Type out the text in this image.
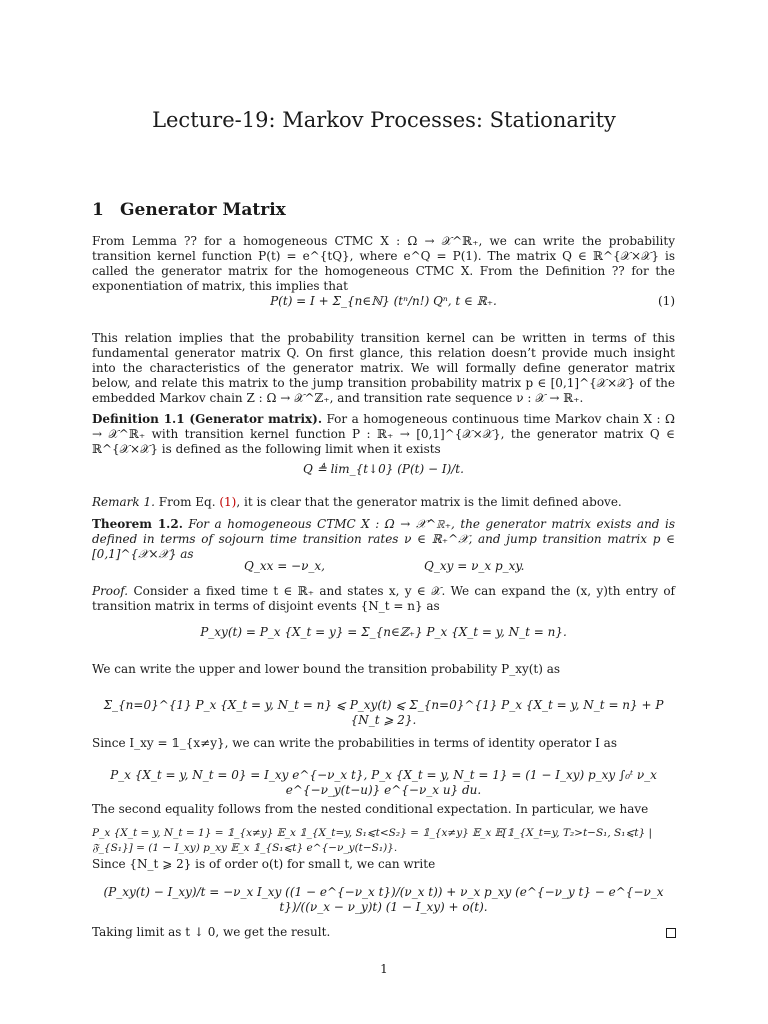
Lecture-19: Markov Processes: Stationarity
1 Generator Matrix
From Lemma ?? for a homogeneous CTMC X : Ω → 𝒳^ℝ₊, we can write the probability transition kernel function P(t) = e^{tQ}, where e^Q = P(1). The matrix Q ∈ ℝ^{𝒳×𝒳} is called the generator matrix for the homogeneous CTMC X. From the Definition ?? for the exponentiation of matrix, this implies that
P(t) = I + Σ_{n∈ℕ} (tⁿ/n!) Qⁿ, t ∈ ℝ₊.	(1)
This relation implies that the probability transition kernel can be written in terms of this fundamental generator matrix Q. On first glance, this relation doesn’t provide much insight into the characteristics of the generator matrix. We will formally define generator matrix below, and relate this matrix to the jump transition probability matrix p ∈ [0,1]^{𝒳×𝒳} of the embedded Markov chain Z : Ω → 𝒳^ℤ₊, and transition rate sequence ν : 𝒳 → ℝ₊.
Definition 1.1 (Generator matrix). For a homogeneous continuous time Markov chain X : Ω → 𝒳^ℝ₊ with transition kernel function P : ℝ₊ → [0,1]^{𝒳×𝒳}, the generator matrix Q ∈ ℝ^{𝒳×𝒳} is defined as the following limit when it exists
Q ≜ lim_{t↓0} (P(t) − I)/t.
Remark 1. From Eq. (1), it is clear that the generator matrix is the limit defined above.
Theorem 1.2. For a homogeneous CTMC X : Ω → 𝒳^ℝ₊, the generator matrix exists and is defined in terms of sojourn time transition rates ν ∈ ℝ₊^𝒳, and jump transition matrix p ∈ [0,1]^{𝒳×𝒳} as
Q_xx = −ν_x,	Q_xy = ν_x p_xy.
Proof. Consider a fixed time t ∈ ℝ₊ and states x, y ∈ 𝒳. We can expand the (x, y)th entry of transition matrix in terms of disjoint events {N_t = n} as
P_xy(t) = P_x {X_t = y} = Σ_{n∈ℤ₊} P_x {X_t = y, N_t = n}.
We can write the upper and lower bound the transition probability P_xy(t) as
Σ_{n=0}^{1} P_x {X_t = y, N_t = n} ⩽ P_xy(t) ⩽ Σ_{n=0}^{1} P_x {X_t = y, N_t = n} + P {N_t ⩾ 2}.
Since I_xy = 𝟙_{x≠y}, we can write the probabilities in terms of identity operator I as
P_x {X_t = y, N_t = 0} = I_xy e^{−ν_x t}, P_x {X_t = y, N_t = 1} = (1 − I_xy) p_xy ∫₀ᵗ ν_x e^{−ν_y(t−u)} e^{−ν_x u} du.
The second equality follows from the nested conditional expectation. In particular, we have
P_x {X_t = y, N_t = 1} = 𝟙_{x≠y} 𝔼_x 𝟙_{X_t=y, S₁⩽t<S₂} = 𝟙_{x≠y} 𝔼_x 𝔼[𝟙_{X_t=y, T₂>t−S₁, S₁⩽t} | 𝔉_{S₁}] = (1 − I_xy) p_xy 𝔼_x 𝟙_{S₁⩽t} e^{−ν_y(t−S₁)}.
Since {N_t ⩾ 2} is of order o(t) for small t, we can write
(P_xy(t) − I_xy)/t = −ν_x I_xy ((1 − e^{−ν_x t})/(ν_x t)) + ν_x p_xy (e^{−ν_y t} − e^{−ν_x t})/((ν_x − ν_y)t) (1 − I_xy) + o(t).
Taking limit as t ↓ 0, we get the result.
1
